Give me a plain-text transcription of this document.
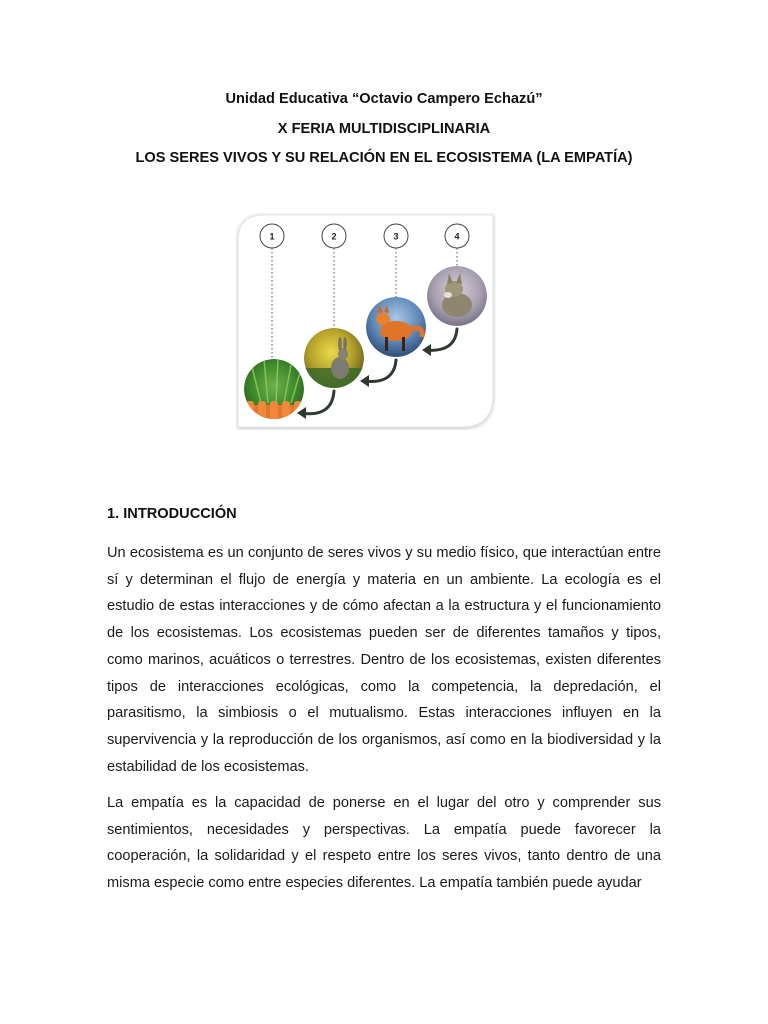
Unidad Educativa “Octavio Campero Echazú”
X FERIA MULTIDISCIPLINARIA
LOS SERES VIVOS Y SU RELACIÓN EN EL ECOSISTEMA (LA EMPATÍA)
1	2	3	4
1. INTRODUCCIÓN

Un ecosistema es un conjunto de seres vivos y su medio físico, que interactúan entre sí y determinan el flujo de energía y materia en un ambiente. La ecología es el estudio de estas interacciones y de cómo afectan a la estructura y el funcionamiento de los ecosistemas. Los ecosistemas pueden ser de diferentes tamaños y tipos, como marinos, acuáticos o terrestres. Dentro de los ecosistemas, existen diferentes tipos de interacciones ecológicas, como la competencia, la depredación, el parasitismo, la simbiosis o el mutualismo. Estas interacciones influyen en la supervivencia y la reproducción de los organismos, así como en la biodiversidad y la estabilidad de los ecosistemas.

La empatía es la capacidad de ponerse en el lugar del otro y comprender sus sentimientos, necesidades y perspectivas. La empatía puede favorecer la cooperación, la solidaridad y el respeto entre los seres vivos, tanto dentro de una misma especie como entre especies diferentes. La empatía también puede ayudar
